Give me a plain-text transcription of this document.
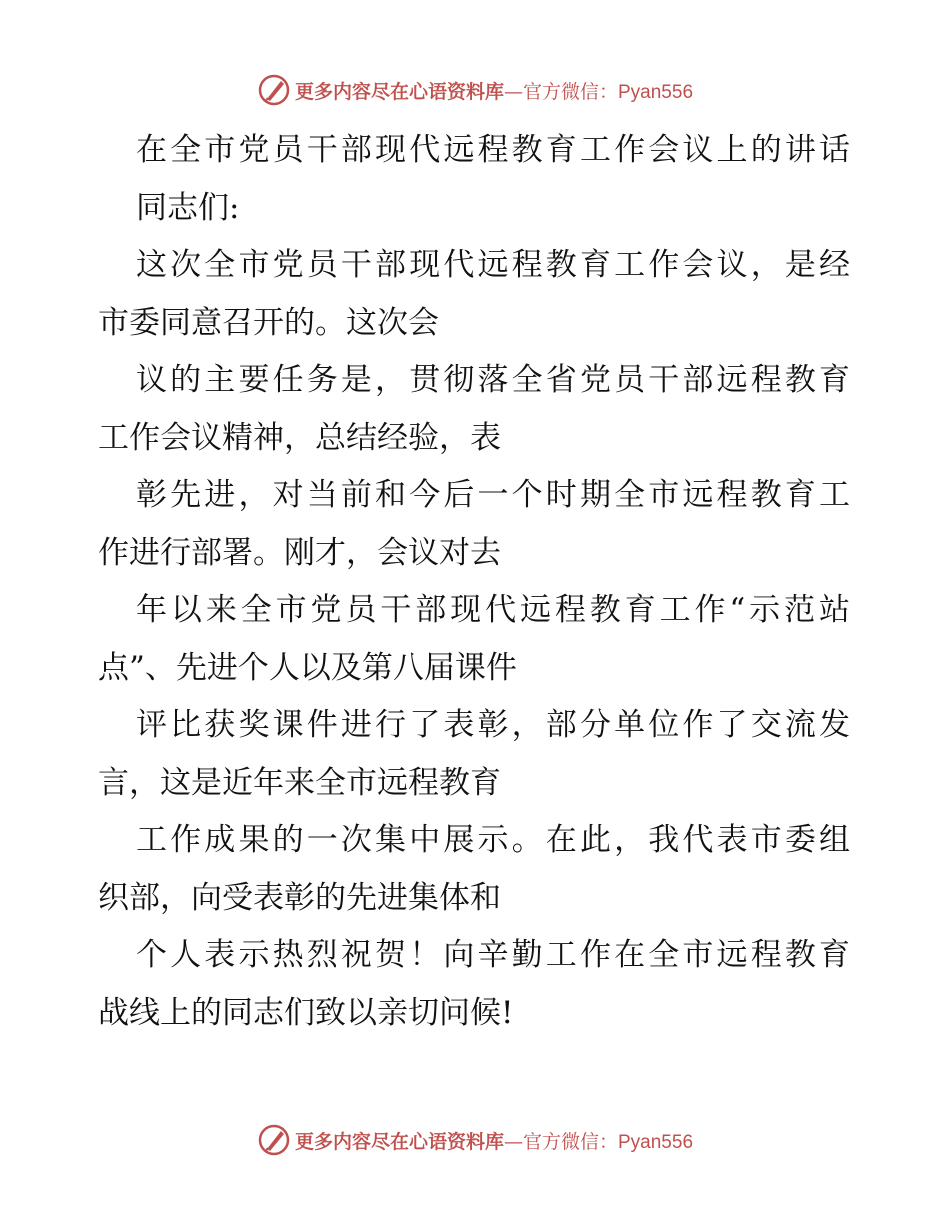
更多内容尽在心语资料库—官方微信：Pyan556
在全市党员干部现代远程教育工作会议上的讲话
同志们:
这次全市党员干部现代远程教育工作会议，是经
市委同意召开的。这次会
议的主要任务是，贯彻落全省党员干部远程教育
工作会议精神，总结经验，表
彰先进，对当前和今后一个时期全市远程教育工
作进行部署。刚才，会议对去
年以来全市党员干部现代远程教育工作“示范站
点”、先进个人以及第八届课件
评比获奖课件进行了表彰，部分单位作了交流发
言，这是近年来全市远程教育
工作成果的一次集中展示。在此，我代表市委组
织部，向受表彰的先进集体和
个人表示热烈祝贺！向辛勤工作在全市远程教育
战线上的同志们致以亲切问候!
更多内容尽在心语资料库—官方微信：Pyan556
